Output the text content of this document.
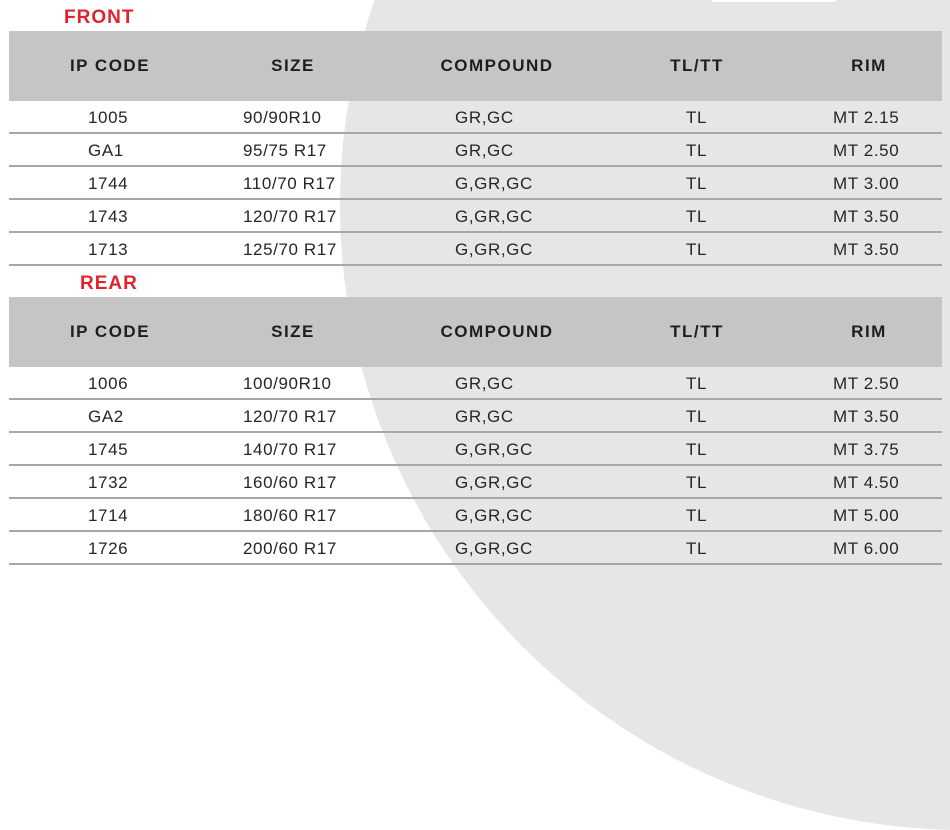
FRONT
IP CODE	SIZE	COMPOUND	TL/TT	RIM
1005	90/90R10	GR,GC	TL	MT 2.15
GA1	95/75 R17	GR,GC	TL	MT 2.50
1744	110/70 R17	G,GR,GC	TL	MT 3.00
1743	120/70 R17	G,GR,GC	TL	MT 3.50
1713	125/70 R17	G,GR,GC	TL	MT 3.50
REAR
IP CODE	SIZE	COMPOUND	TL/TT	RIM
1006	100/90R10	GR,GC	TL	MT 2.50
GA2	120/70 R17	GR,GC	TL	MT 3.50
1745	140/70 R17	G,GR,GC	TL	MT 3.75
1732	160/60 R17	G,GR,GC	TL	MT 4.50
1714	180/60 R17	G,GR,GC	TL	MT 5.00
1726	200/60 R17	G,GR,GC	TL	MT 6.00
